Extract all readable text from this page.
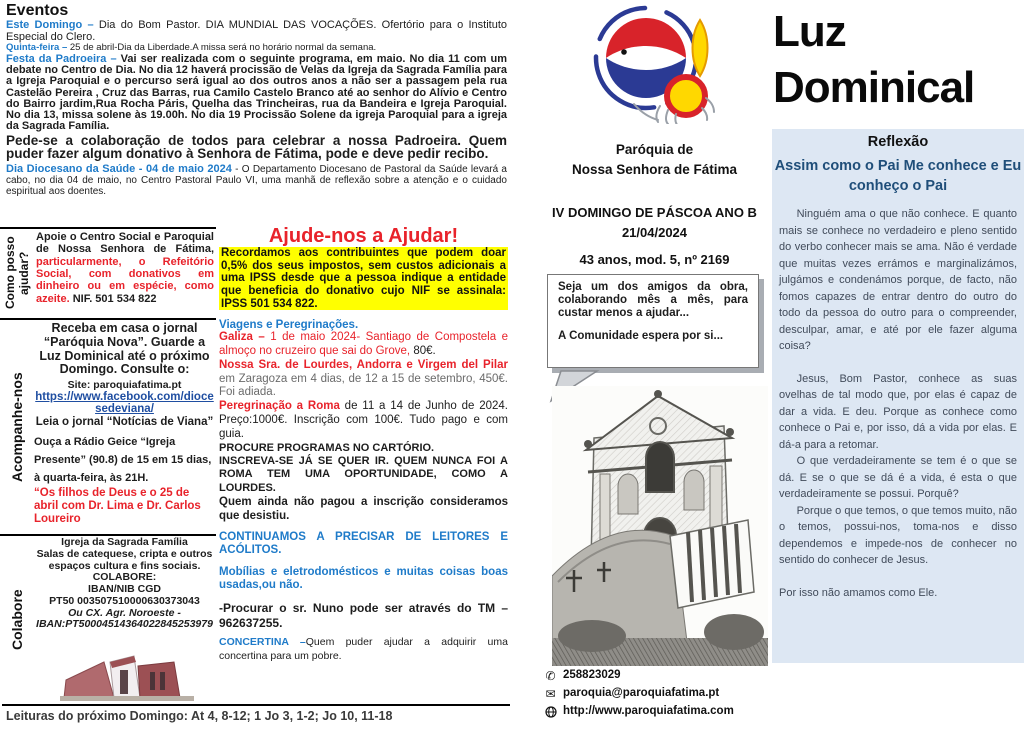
Eventos

Este Domingo – Dia do Bom Pastor. DIA MUNDIAL DAS VOCAÇÕES. Ofertório para o Instituto Especial do Clero.

Quinta-feira – 25 de abril-Dia da Liberdade.A missa será no horário normal da semana.

Festa da Padroeira – Vai ser realizada com o seguinte programa, em maio. No dia 11 com um debate no Centro de Dia. No dia 12 haverá procissão de Velas da Igreja da Sagrada Família para a Igreja Paroquial e o percurso será igual ao dos outros anos a não ser a passagem pela rua Castelão Pereira , Cruz das Barras, rua Camilo Castelo Branco até ao senhor do Alívio e Centro do Bairro jardim,Rua Rocha Páris, Quelha das Trincheiras, rua da Bandeira e Igreja Paroquial. No dia 13, missa solene às 19.00h. No dia 19 Procissão Solene da igreja Paroquial para a igreja da Sagrada Família.

Pede-se a colaboração de todos para celebrar a nossa Padroeira. Quem puder fazer algum donativo à Senhora de Fátima, pode e deve pedir recibo.

Dia Diocesano da Saúde - 04 de maio 2024 - O Departamento Diocesano de Pastoral da Saúde levará a cabo, no dia 04 de maio, no Centro Pastoral Paulo VI, uma manhã de reflexão sobre a atenção e o cuidado espiritual aos doentes.

Como posso ajudar?
Acompanhe-nos
Colabore
Apoie o Centro Social e Paroquial de Nossa Senhora de Fátima, particularmente, o Refeitório Social, com donativos em dinheiro ou em espécie, como azeite. NIF. 501 534 822

Receba em casa o jornal “Paróquia Nova”. Guarde a Luz Dominical até o próximo Domingo. Consulte o:

Site: paroquiafatima.pt

https://www.facebook.com/diocesedeviana/

Leia o jornal “Notícias de Viana”

Ouça a Rádio Geice “Igreja Presente” (90.8) de 15 em 15 dias, à quarta-feira, às 21H.

“Os filhos de Deus e o 25 de abril com Dr. Lima e Dr. Carlos Loureiro

Igreja da Sagrada Família

Salas de catequese, cripta e outros espaços cultura e fins sociais.

COLABORE:

IBAN/NIB CGD

PT50 003507510000630373043

Ou CX. Agr. Noroeste -

IBAN:PT50004514364022845253979

Ajude-nos a Ajudar!

Recordamos aos contribuintes que podem doar 0,5% dos seus impostos, sem custos adicionais a uma IPSS desde que a pessoa indique a entidade que beneficia do donativo cujo NIF se assinala: IPSS 501 534 822.

Viagens e Peregrinações.

Galiza – 1 de maio 2024- Santiago de Compostela e almoço no cruzeiro que sai do Grove, 80€.

Nossa Sra. de Lourdes, Andorra e Virgem del Pilar em Zaragoza em 4 dias, de 12 a 15 de setembro, 450€. Foi adiada.

Peregrinação a Roma de 11 a 14 de Junho de 2024. Preço:1000€. Inscrição com 100€. Tudo pago e com guia.

PROCURE PROGRAMAS NO CARTÓRIO.

INSCREVA-SE JÁ SE QUER IR. QUEM NUNCA FOI A ROMA TEM UMA OPORTUNIDADE, COMO A LOURDES.

Quem ainda não pagou a inscrição consideramos que desistiu.

CONTINUAMOS A PRECISAR DE LEITORES E ACÓLITOS.

Mobílias e eletrodomésticos e muitas coisas boas usadas,ou não.

-Procurar o sr. Nuno pode ser através do TM – 962637255.

CONCERTINA –Quem puder ajudar a adquirir uma concertina para um pobre.

Leituras do próximo Domingo: At 4, 8-12; 1 Jo 3, 1-2; Jo 10, 11-18
Paróquia de
Nossa Senhora de Fátima
IV DOMINGO DE PÁSCOA ANO B
21/04/2024
43 anos, mod. 5, nº 2169

Seja um dos amigos da obra, colaborando mês a mês, para custar menos a ajudar...

A Comunidade espera por si...

✆ 258823029
✉ paroquia@paroquiafatima.pt
http://www.paroquiafatima.com
Luz
Dominical
Reflexão
Assim como o Pai Me conhece e Eu conheço o Pai

Ninguém ama o que não conhece. E quanto mais se conhece no verdadeiro e pleno sentido do verbo conhecer mais se ama. Não é verdade que muitas vezes errámos e marginalizámos, julgámos e condenámos porque, de facto, não fomos capazes de entrar dentro do outro do todo da pessoa do outro para o compreender, desculpar, amar, e até por ele fazer alguma coisa?

Jesus, Bom Pastor, conhece as suas ovelhas de tal modo que, por elas é capaz de dar a vida. E deu. Porque as conhece como conhece o Pai e, por isso, dá a vida por elas. E dá-a para a retomar.

O que verdadeiramente se tem é o que se dá. E se o que se dá é a vida, é esta o que verdadeiramente se possui. Porquê?

Porque o que temos, o que temos muito, não o temos, possui-nos, toma-nos e disso dependemos e impede-nos de conhecer no sentido do conhecer de Jesus.

Por isso não amamos como Ele.
